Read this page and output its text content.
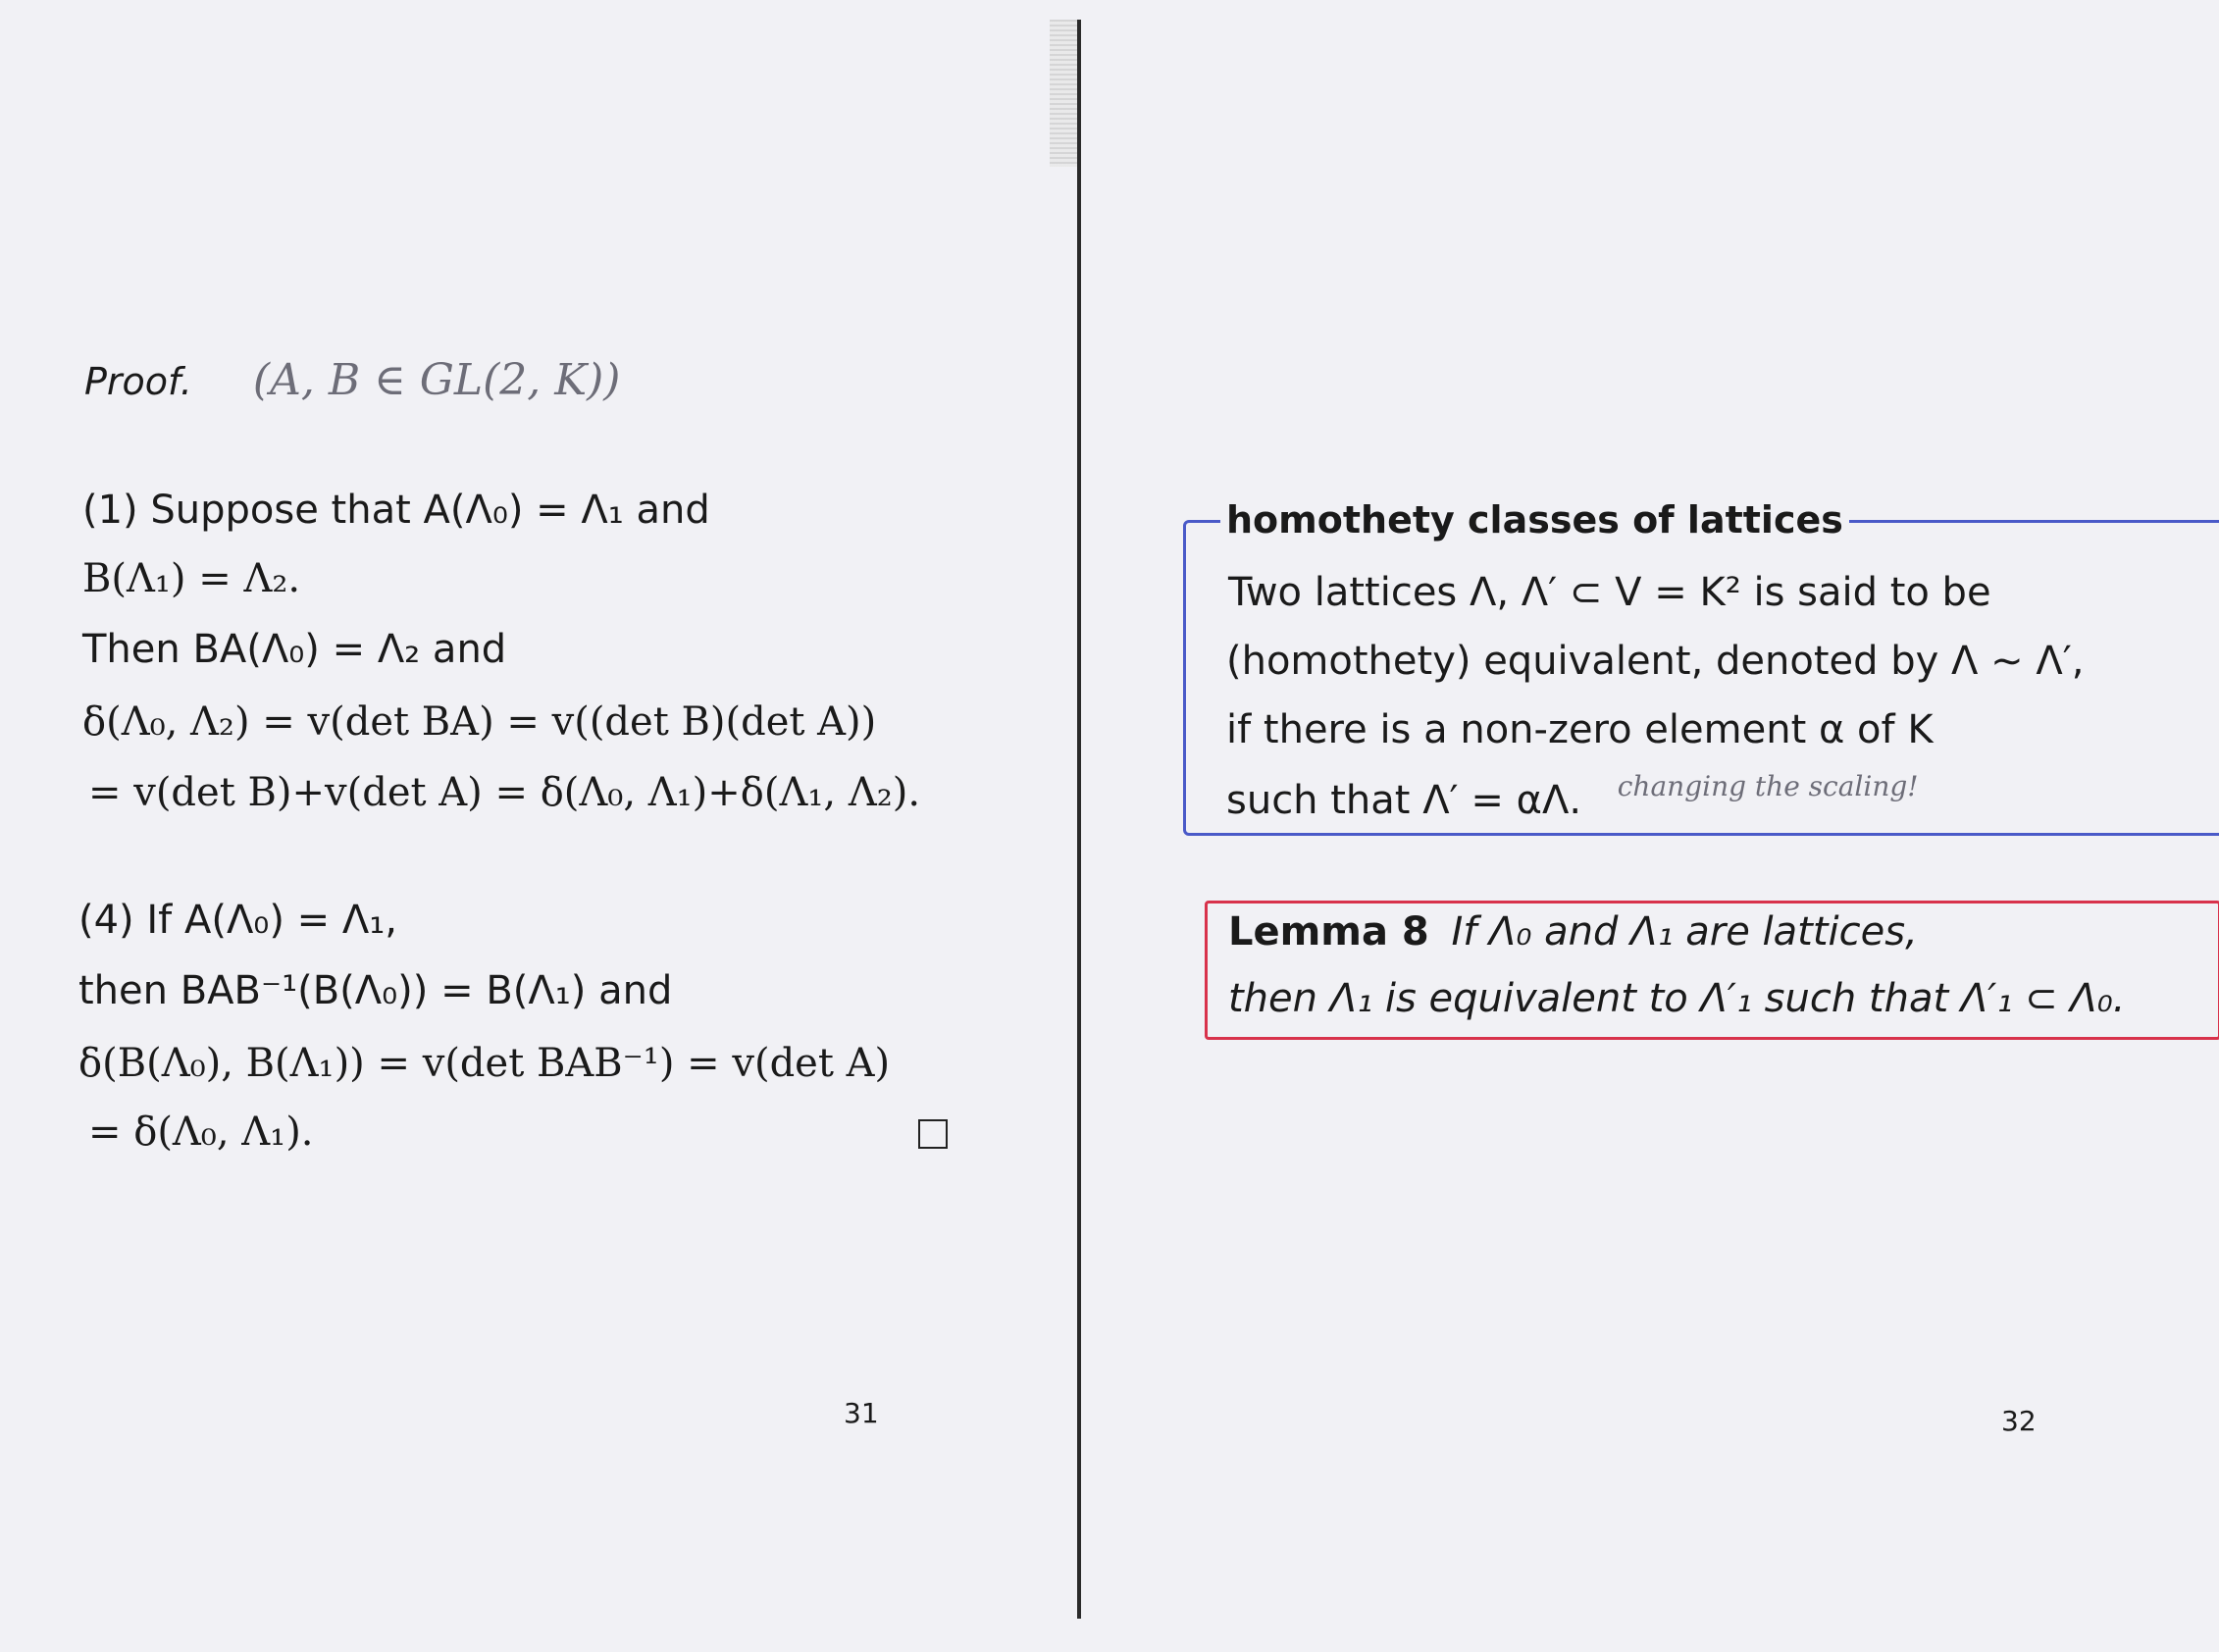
Proof. (A, B ∈ GL(2, K))
(1) Suppose that A(Λ₀) = Λ₁ and
B(Λ₁) = Λ₂.
Then BA(Λ₀) = Λ₂ and
δ(Λ₀, Λ₂) = v(det BA) = v((det B)(det A))
= v(det B)+v(det A) = δ(Λ₀, Λ₁)+δ(Λ₁, Λ₂).
(4) If A(Λ₀) = Λ₁,
then BAB⁻¹(B(Λ₀)) = B(Λ₁) and
δ(B(Λ₀), B(Λ₁)) = v(det BAB⁻¹) = v(det A)
= δ(Λ₀, Λ₁).
31
homothety classes of lattices
Two lattices Λ, Λ′ ⊂ V = K² is said to be
(homothety) equivalent, denoted by Λ ∼ Λ′,
if there is a non-zero element α of K
such that Λ′ = αΛ. $^{changing the scaling!}$
Lemma 8 If Λ₀ and Λ₁ are lattices,
then Λ₁ is equivalent to Λ′₁ such that Λ′₁ ⊂ Λ₀.
32
